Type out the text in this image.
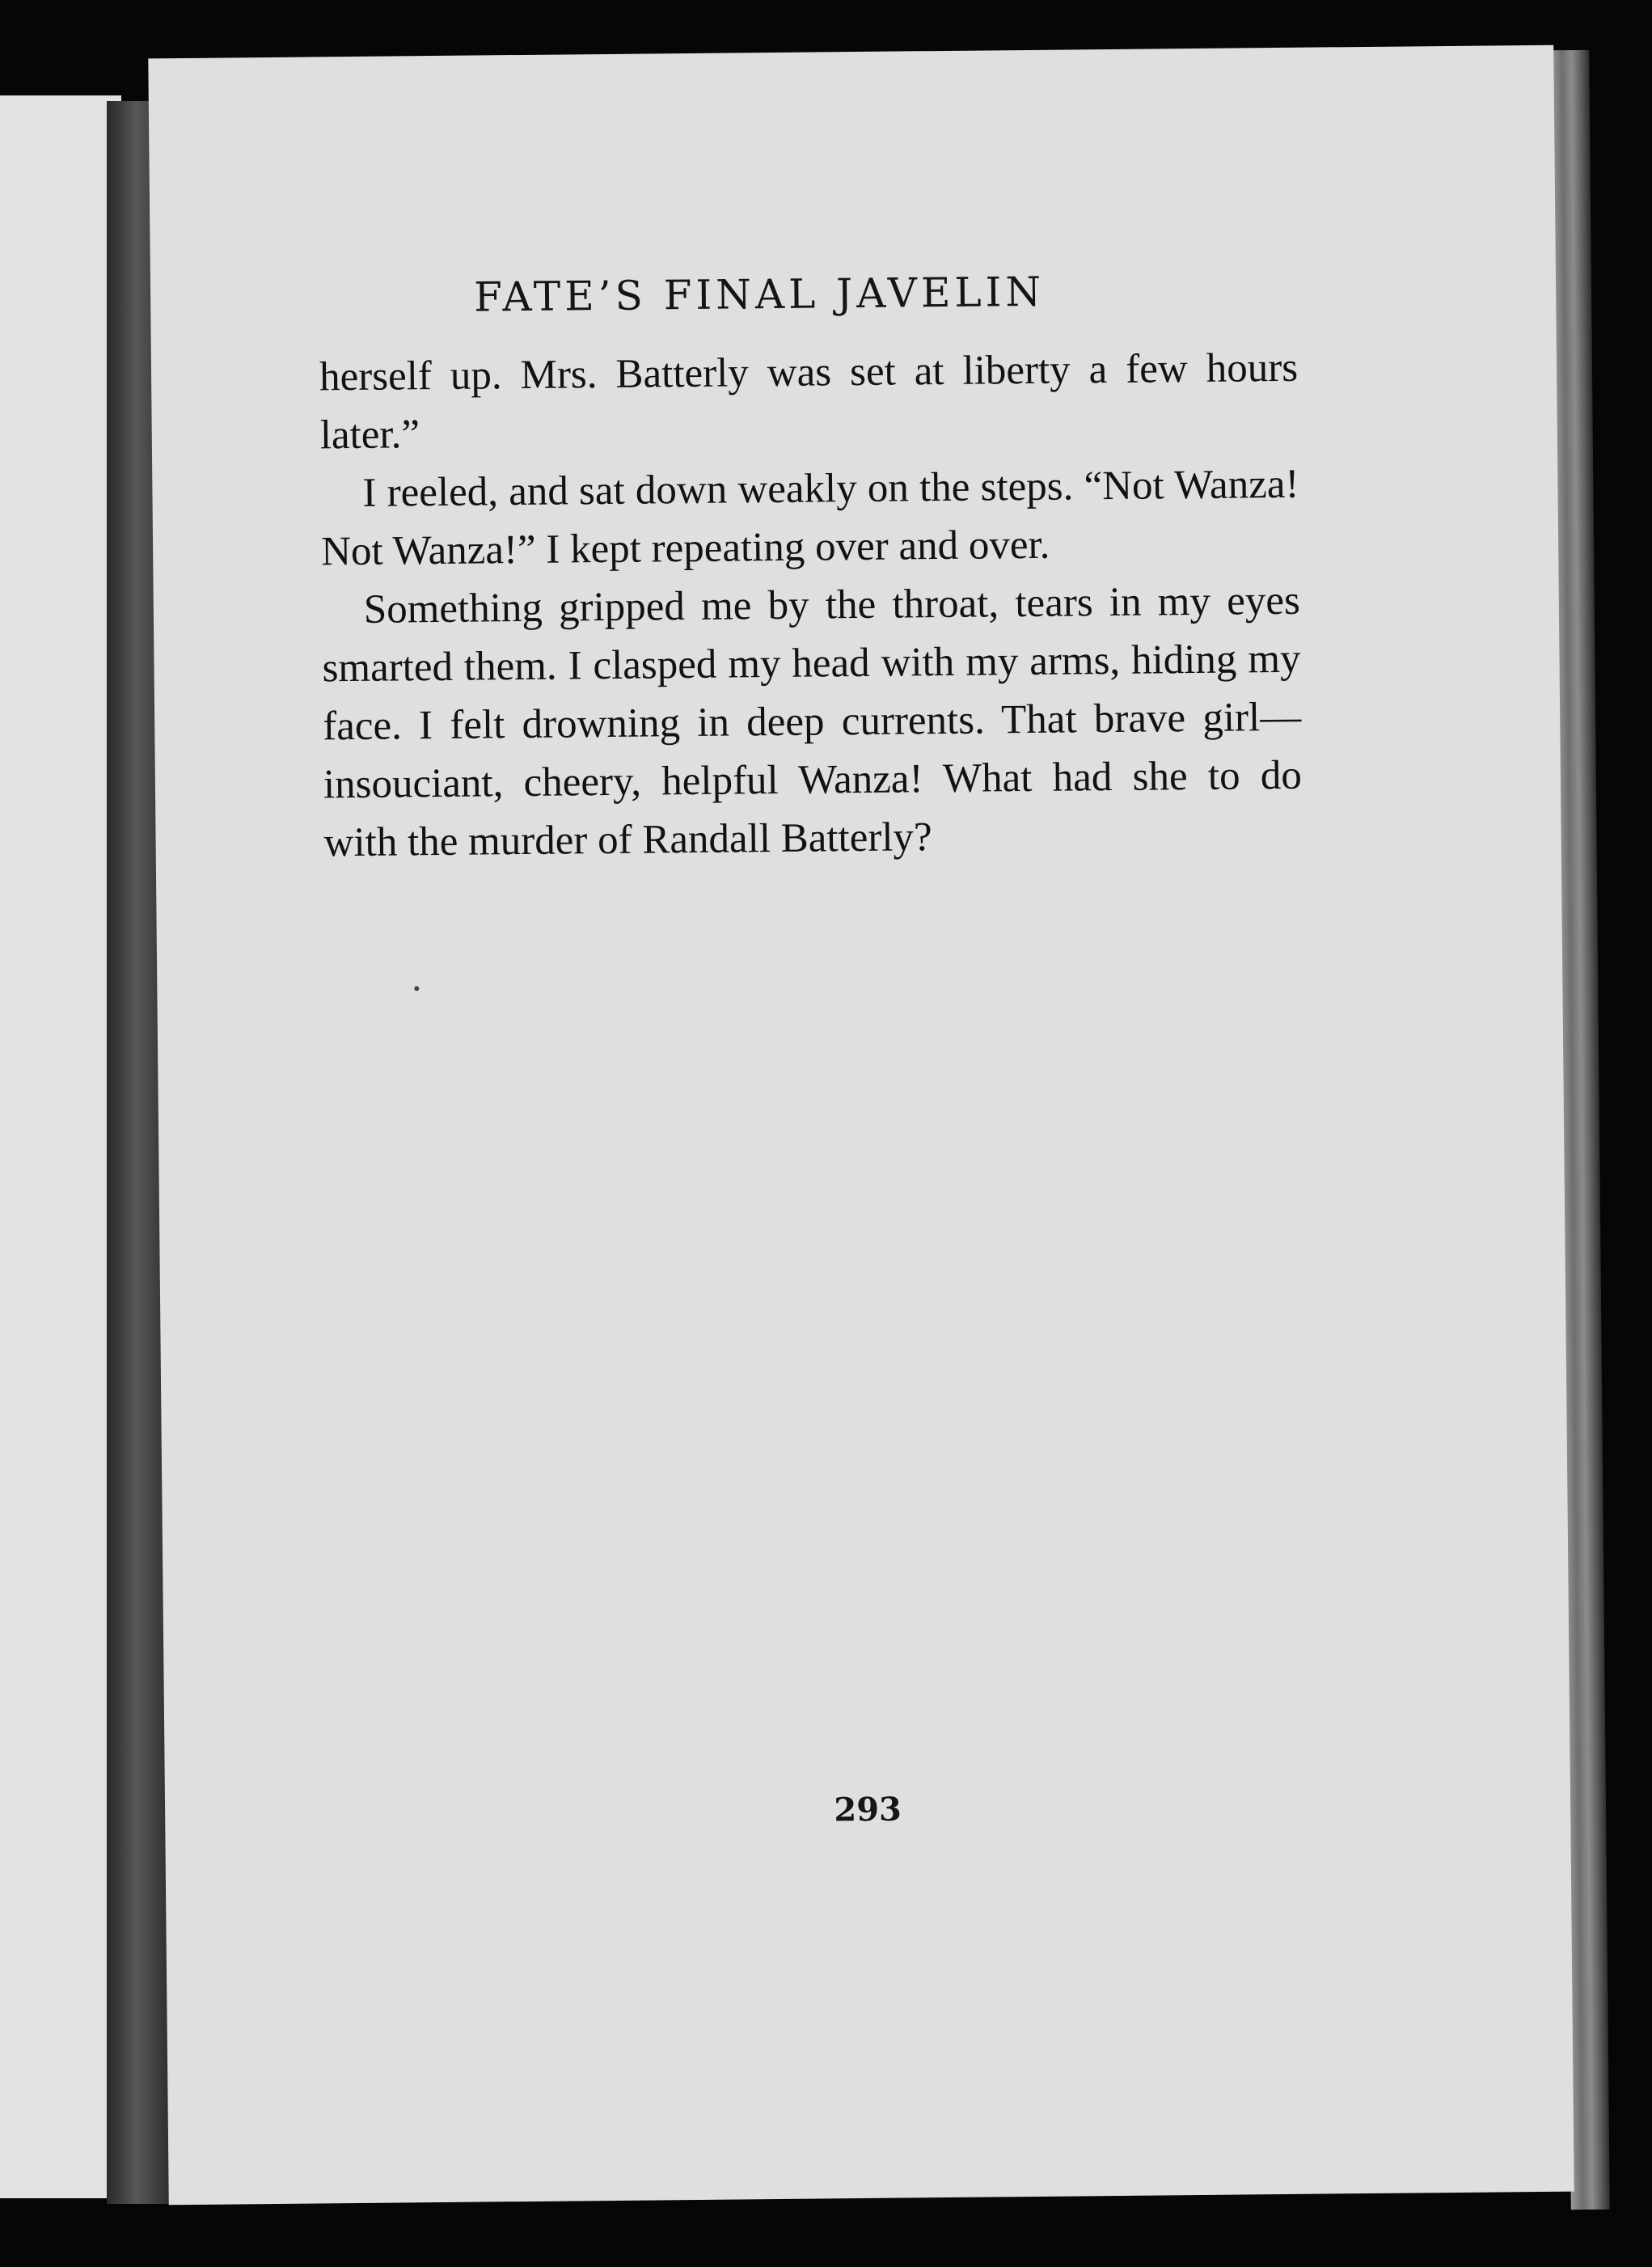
FATE’S FINAL JAVELIN

herself up. Mrs. Batterly was set at liberty a few hours later.”

I reeled, and sat down weakly on the steps. “Not Wanza! Not Wanza!” I kept repeating over and over.

Something gripped me by the throat, tears in my eyes smarted them. I clasped my head with my arms, hiding my face. I felt drowning in deep currents. That brave girl—insouciant, cheery, helpful Wanza! What had she to do with the murder of Randall Batterly?

293
